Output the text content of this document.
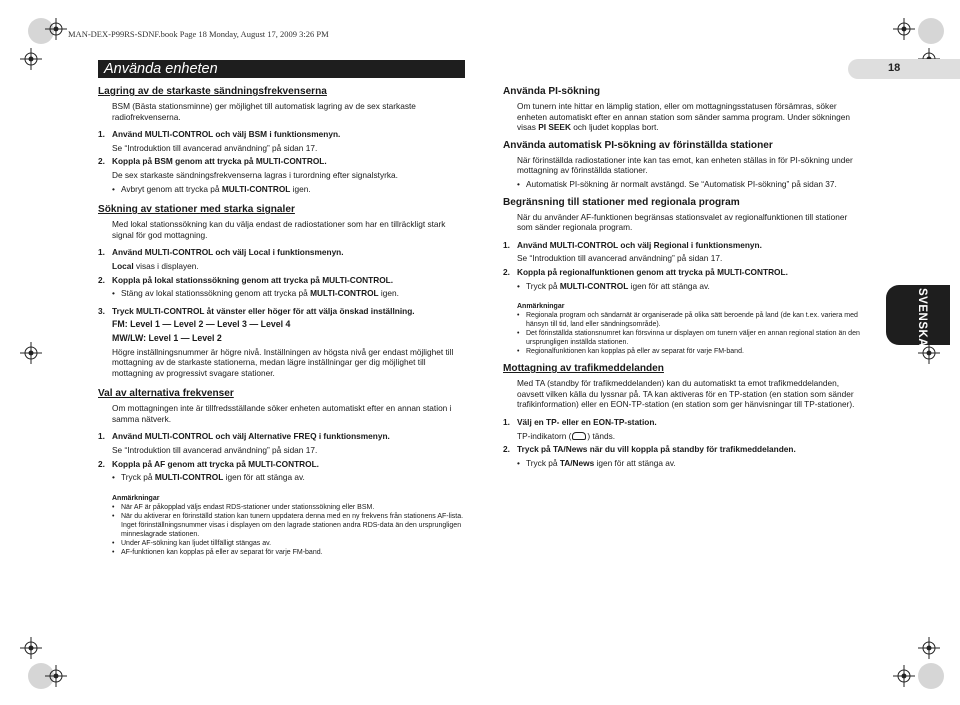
MAN-DEX-P99RS-SDNF.book Page 18 Monday, August 17, 2009 3:26 PM
Använda enheten	18
SVENSKA
Lagring av de starkaste sändningsfrekvenserna
BSM (Bästa stationsminne) ger möjlighet till automatisk lagring av de sex starkaste radiofrekvenserna.
1. Använd MULTI-CONTROL och välj BSM i funktionsmenyn.
Se “Introduktion till avancerad användning” på sidan 17.
2. Koppla på BSM genom att trycka på MULTI-CONTROL.
De sex starkaste sändningsfrekvenserna lagras i turordning efter signalstyrka.
• Avbryt genom att trycka på MULTI-CONTROL igen.
Sökning av stationer med starka signaler
Med lokal stationssökning kan du välja endast de radiostationer som har en tillräckligt stark signal för god mottagning.
1. Använd MULTI-CONTROL och välj Local i funktionsmenyn.
Local visas i displayen.
2. Koppla på lokal stationssökning genom att trycka på MULTI-CONTROL.
• Stäng av lokal stationssökning genom att trycka på MULTI-CONTROL igen.
3. Tryck MULTI-CONTROL åt vänster eller höger för att välja önskad inställning.
FM: Level 1 — Level 2 — Level 3 — Level 4
MW/LW: Level 1 — Level 2
Högre inställningsnummer är högre nivå. Inställningen av högsta nivå ger endast möjlighet till mottagning av de starkaste stationerna, medan lägre inställningar ger dig möjlighet till mottagning av progressivt svagare stationer.
Val av alternativa frekvenser
Om mottagningen inte är tillfredsställande söker enheten automatiskt efter en annan station i samma nätverk.
1. Använd MULTI-CONTROL och välj Alternative FREQ i funktionsmenyn.
Se “Introduktion till avancerad användning” på sidan 17.
2. Koppla på AF genom att trycka på MULTI-CONTROL.
• Tryck på MULTI-CONTROL igen för att stänga av.
Anmärkningar
• När AF är påkopplad väljs endast RDS-stationer under stationssökning eller BSM.
• När du aktiverar en förinställd station kan tunern uppdatera denna med en ny frekvens från stationens AF-lista. Inget förinställningsnummer visas i displayen om den lagrade stationen andra RDS-data än den ursprungligen minneslagrade stationen.
• Under AF-sökning kan ljudet tillfälligt stängas av.
• AF-funktionen kan kopplas på eller av separat för varje FM-band.
Använda PI-sökning
Om tunern inte hittar en lämplig station, eller om mottagningsstatusen försämras, söker enheten automatiskt efter en annan station som sänder samma program. Under sökningen visas PI SEEK och ljudet kopplas bort.
Använda automatisk PI-sökning av förinställda stationer
När förinställda radiostationer inte kan tas emot, kan enheten ställas in för PI-sökning under mottagning av förinställda stationer.
• Automatisk PI-sökning är normalt avstängd. Se “Automatisk PI-sökning” på sidan 37.
Begränsning till stationer med regionala program
När du använder AF-funktionen begränsas stationsvalet av regionalfunktionen till stationer som sänder regionala program.
1. Använd MULTI-CONTROL och välj Regional i funktionsmenyn.
Se “Introduktion till avancerad användning” på sidan 17.
2. Koppla på regionalfunktionen genom att trycka på MULTI-CONTROL.
• Tryck på MULTI-CONTROL igen för att stänga av.
Anmärkningar
• Regionala program och sändarnät är organiserade på olika sätt beroende på land (de kan t.ex. variera med hänsyn till tid, land eller sändningsområde).
• Det förinställda stationsnumret kan försvinna ur displayen om tunern väljer en annan regional station än den ursprungligen inställda stationen.
• Regionalfunktionen kan kopplas på eller av separat för varje FM-band.
Mottagning av trafikmeddelanden
Med TA (standby för trafikmeddelanden) kan du automatiskt ta emot trafikmeddelanden, oavsett vilken källa du lyssnar på. TA kan aktiveras för en TP-station (en station som sänder trafikinformation) eller en EON-TP-station (en station som ger hänvisningar till TP-stationer).
1. Välj en TP- eller en EON-TP-station.
TP-indikatorn ( ) tänds.
2. Tryck på TA/News när du vill koppla på standby för trafikmeddelanden.
• Tryck på TA/News igen för att stänga av.
